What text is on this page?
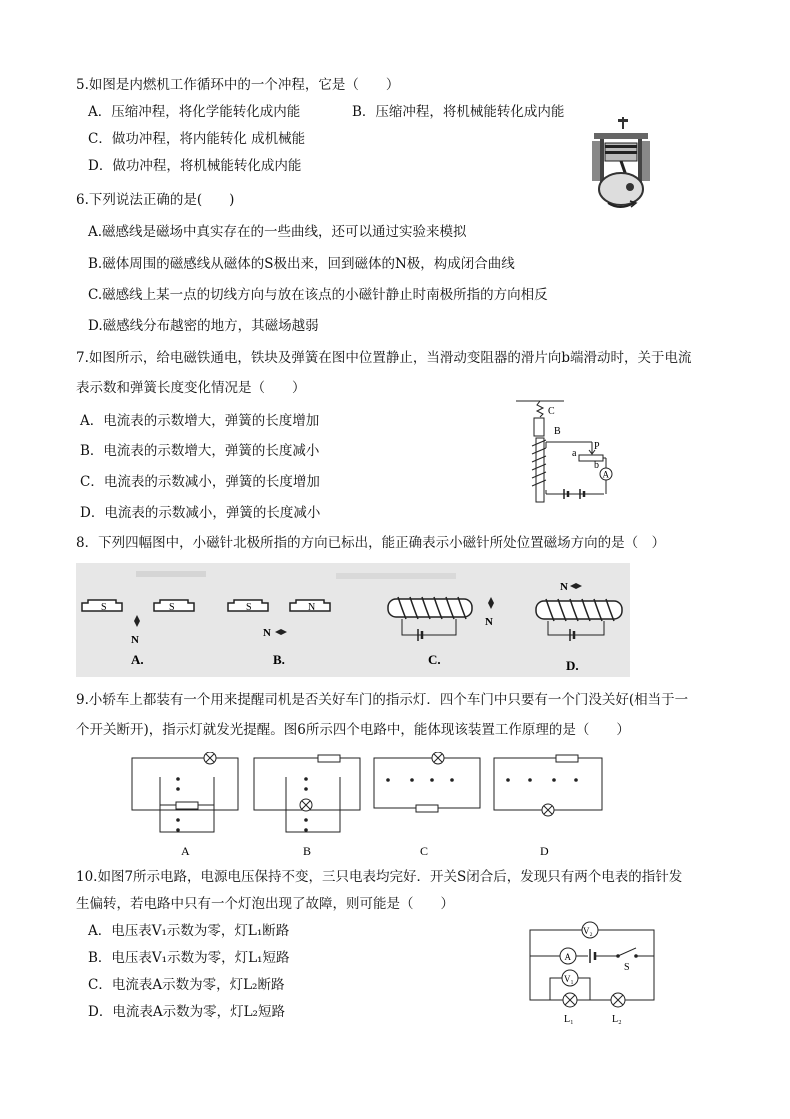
5.如图是内燃机工作循环中的一个冲程，它是（　　）
A．压缩冲程，将化学能转化成内能	B．压缩冲程，将机械能转化成内能
C．做功冲程，将内能转化 成机械能
D．做功冲程，将机械能转化成内能
6.下列说法正确的是(　　)
A.磁感线是磁场中真实存在的一些曲线，还可以通过实验来模拟
B.磁体周围的磁感线从磁体的S极出来，回到磁体的N极，构成闭合曲线
C.磁感线上某一点的切线方向与放在该点的小磁针静止时南极所指的方向相反
D.磁感线分布越密的地方，其磁场越弱
7.如图所示，给电磁铁通电，铁块及弹簧在图中位置静止，当滑动变阻器的滑片向b端滑动时，关于电流
表示数和弹簧长度变化情况是（　　）
A．电流表的示数增大，弹簧的长度增加
B．电流表的示数增大，弹簧的长度减小
C．电流表的示数减小，弹簧的长度增加
D．电流表的示数减小，弹簧的长度减小
C
B
P
a
b
A
8．下列四幅图中，小磁针北极所指的方向已标出，能正确表示小磁针所处位置磁场方向的是（　）
S	S
N
A.
S	N
N
B.
N
C.
N
D.
9.小轿车上都装有一个用来提醒司机是否关好车门的指示灯．四个车门中只要有一个门没关好(相当于一
个开关断开)，指示灯就发光提醒。图6所示四个电路中，能体现该装置工作原理的是（　　）
A	B	C	D
10.如图7所示电路，电源电压保持不变，三只电表均完好．开关S闭合后，发现只有两个电表的指针发
生偏转，若电路中只有一个灯泡出现了故障，则可能是（　　）
A．电压表V₁示数为零，灯L₁断路
B．电压表V₁示数为零，灯L₁短路
C．电流表A示数为零，灯L₂断路
D．电流表A示数为零，灯L₂短路
V₂
A
S
V₁
L₁	L₂
